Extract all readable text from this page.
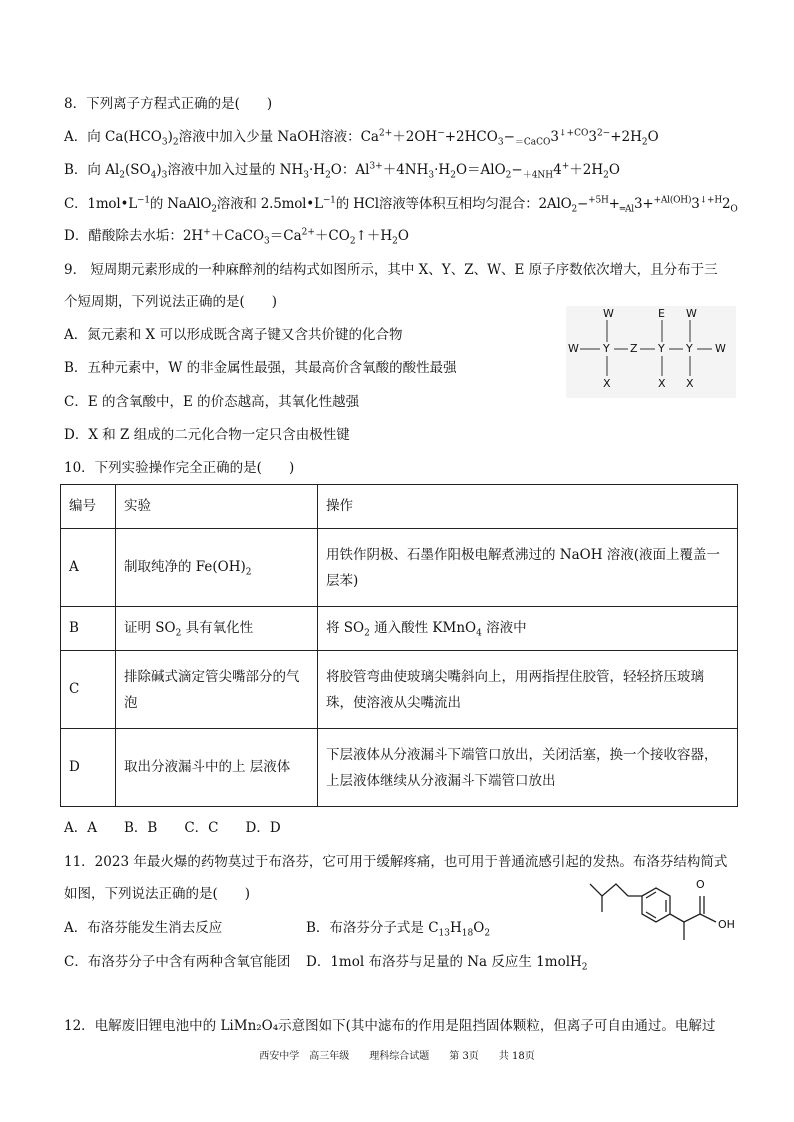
8．下列离子方程式正确的是(　　)
A．向 $Ca(HCO_3)_2$溶液中加入少量 NaOH溶液：$Ca^{2+}+2OH^-+2HCO_3-_{=CaCO}3^{↓+CO}3^{2-}+2H_2O$
B．向 $Al_2(SO_4)_3$溶液中加入过量的 $NH_3\cdot H_2O$：$Al^{3+}+4NH_3\cdot H_2O=AlO_2-_{+4NH}4^++2H_2O$
C．$1mol•L^{-1}$的 NaAlO$_2$溶液和 $2.5mol•L^{-1}$的 HCl溶液等体积互相均匀混合：$2AlO_2-^{+5H}+_{═Al}3+^{+Al(OH)}3^{↓+H}2_O$
D．醋酸除去水垢：$2H^++CaCO_3=Ca^{2+}+CO_2↑+H_2O$
9． 短周期元素形成的一种麻醉剂的结构式如图所示，其中 X、Y、Z、W、E 原子序数依次增大，且分布于三
个短周期，下列说法正确的是(　　)
A．氮元素和 X 可以形成既含离子键又含共价键的化合物
B．五种元素中，W 的非金属性最强，其最高价含氧酸的酸性最强
C．E 的含氧酸中，E 的价态越高，其氧化性越强
D．X 和 Z 组成的二元化合物一定只含由极性键
W	E W
W Y Z Y Y W
X	X X
10．下列实验操作完全正确的是(　　)
编号	实验	操作
A	制取纯净的 $Fe(OH)_2$	用铁作阴极、石墨作阳极电解煮沸过的 NaOH 溶液(液面上覆盖一层苯)
B	证明 $SO_2$ 具有氧化性	将 $SO_2$ 通入酸性 KMnO$_4$ 溶液中
C	排除碱式滴定管尖嘴部分的气泡	将胶管弯曲使玻璃尖嘴斜向上，用两指捏住胶管，轻轻挤压玻璃珠，使溶液从尖嘴流出
D	取出分液漏斗中的上 层液体	下层液体从分液漏斗下端管口放出，关闭活塞，换一个接收容器，上层液体继续从分液漏斗下端管口放出
A．A　　B．B　　C．C　　D．D
11．2023 年最火爆的药物莫过于布洛芬，它可用于缓解疼痛，也可用于普通流感引起的发热。布洛芬结构简式
如图，下列说法正确的是(　　)
A．布洛芬能发生消去反应	B．布洛芬分子式是 $C_{13}H_{18}O_2$
C．布洛芬分子中含有两种含氧官能团 D．1mol 布洛芬与足量的 Na 反应生 1molH$_2$
O
OH
12．电解废旧锂电池中的 LiMn₂O₄示意图如下(其中滤布的作用是阻挡固体颗粒，但离子可自由通过。电解过
西安中学　高三年级　　理科综合试题　　第 3页　　共 18页
